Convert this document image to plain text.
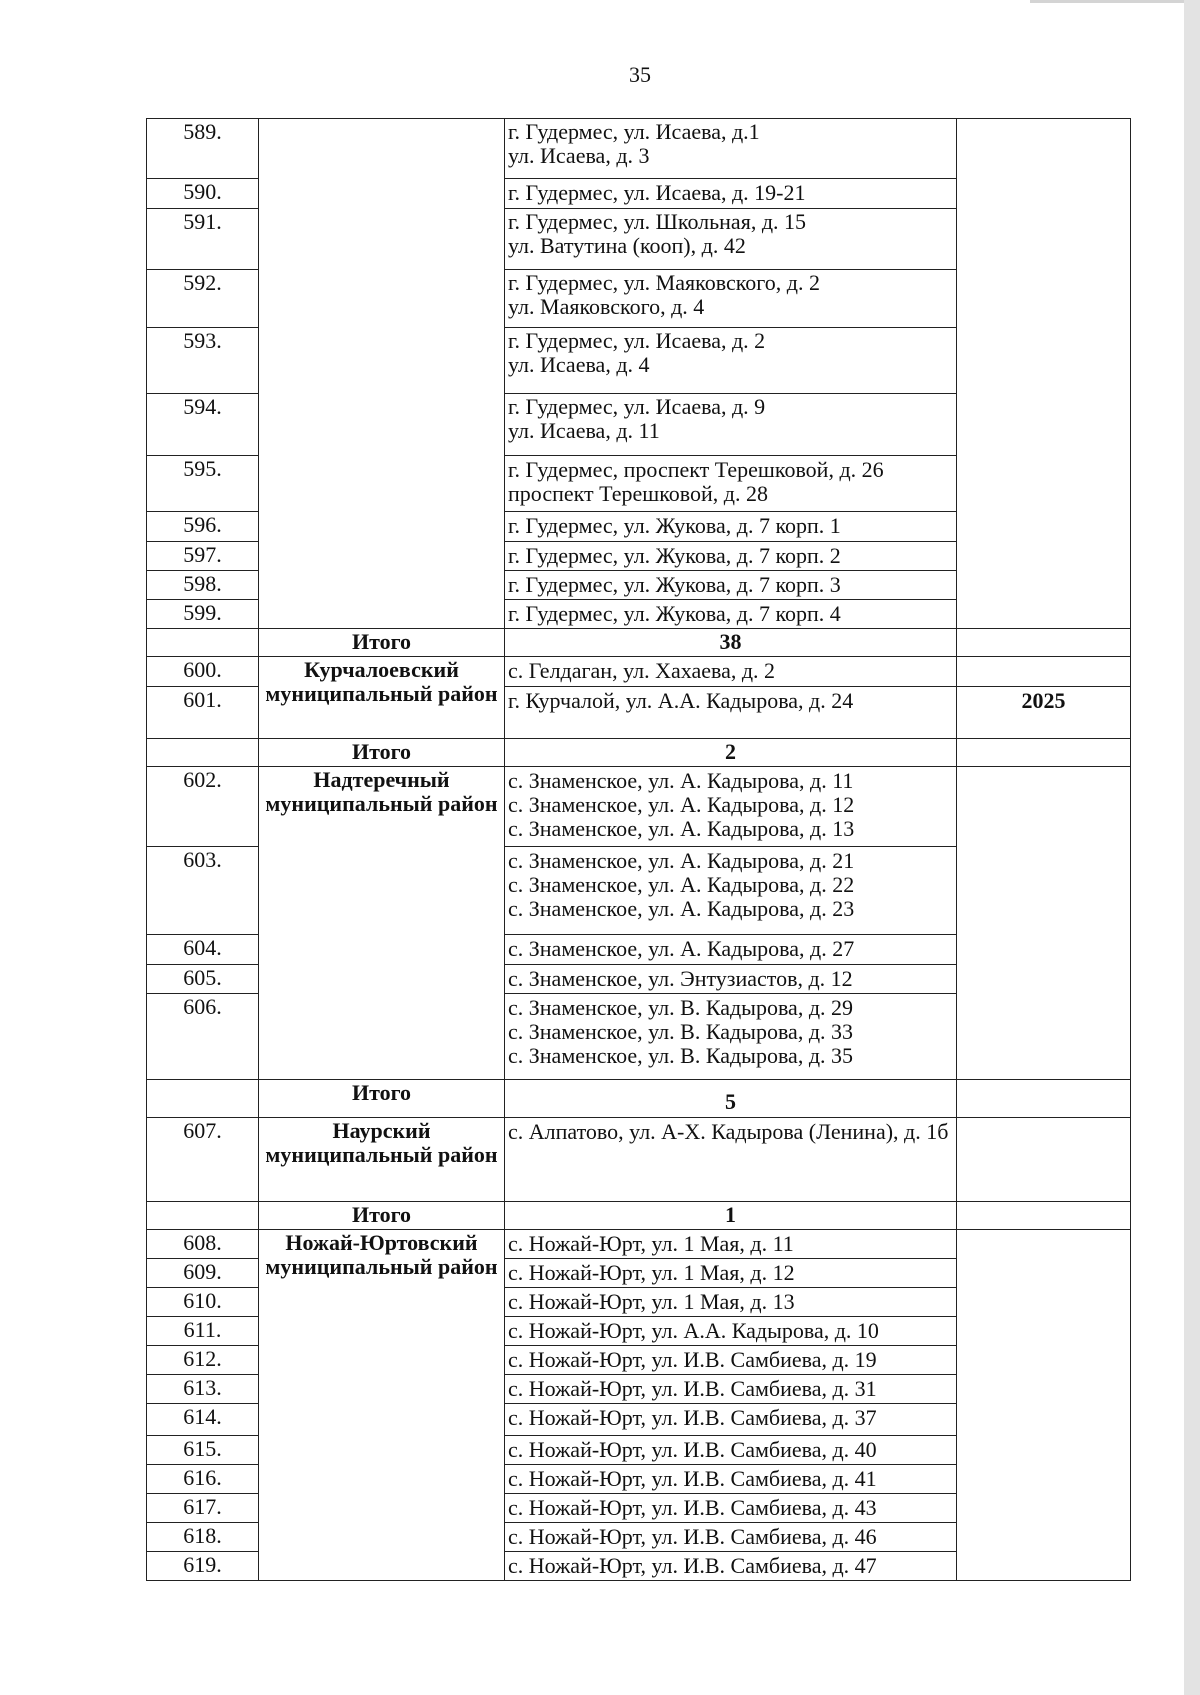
35
589.		г. Гудермес, ул. Исаева, д.1
ул. Исаева, д. 3	
590.		г. Гудермес, ул. Исаева, д. 19-21	
591.		г. Гудермес, ул. Школьная, д. 15
ул. Ватутина (кооп), д. 42	
592.		г. Гудермес, ул. Маяковского, д. 2
ул. Маяковского, д. 4	
593.		г. Гудермес, ул. Исаева, д. 2
ул. Исаева, д. 4	
594.		г. Гудермес, ул. Исаева, д. 9
ул. Исаева, д. 11	
595.		г. Гудермес, проспект Терешковой, д. 26
проспект Терешковой, д. 28	
596.		г. Гудермес, ул. Жукова, д. 7 корп. 1	
597.		г. Гудермес, ул. Жукова, д. 7 корп. 2	
598.		г. Гудермес, ул. Жукова, д. 7 корп. 3	
599.		г. Гудермес, ул. Жукова, д. 7 корп. 4	
	Итого	38	
600.	Курчалоевский муниципальный район	с. Гелдаган, ул. Хахаева, д. 2	
601.		г. Курчалой, ул. А.А. Кадырова, д. 24	2025
	Итого	2	
602.	Надтеречный муниципальный район	с. Знаменское, ул. А. Кадырова, д. 11
с. Знаменское, ул. А. Кадырова, д. 12
с. Знаменское, ул. А. Кадырова, д. 13	
603.		с. Знаменское, ул. А. Кадырова, д. 21
с. Знаменское, ул. А. Кадырова, д. 22
с. Знаменское, ул. А. Кадырова, д. 23	
604.		с. Знаменское, ул. А. Кадырова, д. 27	
605.		с. Знаменское, ул. Энтузиастов, д. 12	
606.		с. Знаменское, ул. В. Кадырова, д. 29
с. Знаменское, ул. В. Кадырова, д. 33
с. Знаменское, ул. В. Кадырова, д. 35	
	Итого	5	
607.	Наурский муниципальный район	с. Алпатово, ул. А-Х. Кадырова (Ленина), д. 1б	
	Итого	1	
608.	Ножай-Юртовский муниципальный район	с. Ножай-Юрт, ул. 1 Мая, д. 11	
609.		с. Ножай-Юрт, ул. 1 Мая, д. 12	
610.		с. Ножай-Юрт, ул. 1 Мая, д. 13	
611.		с. Ножай-Юрт, ул. А.А. Кадырова, д. 10	
612.		с. Ножай-Юрт, ул. И.В. Самбиева, д. 19	
613.		с. Ножай-Юрт, ул. И.В. Самбиева, д. 31	
614.		с. Ножай-Юрт, ул. И.В. Самбиева, д. 37	
615.		с. Ножай-Юрт, ул. И.В. Самбиева, д. 40	
616.		с. Ножай-Юрт, ул. И.В. Самбиева, д. 41	
617.		с. Ножай-Юрт, ул. И.В. Самбиева, д. 43	
618.		с. Ножай-Юрт, ул. И.В. Самбиева, д. 46	
619.		с. Ножай-Юрт, ул. И.В. Самбиева, д. 47	
